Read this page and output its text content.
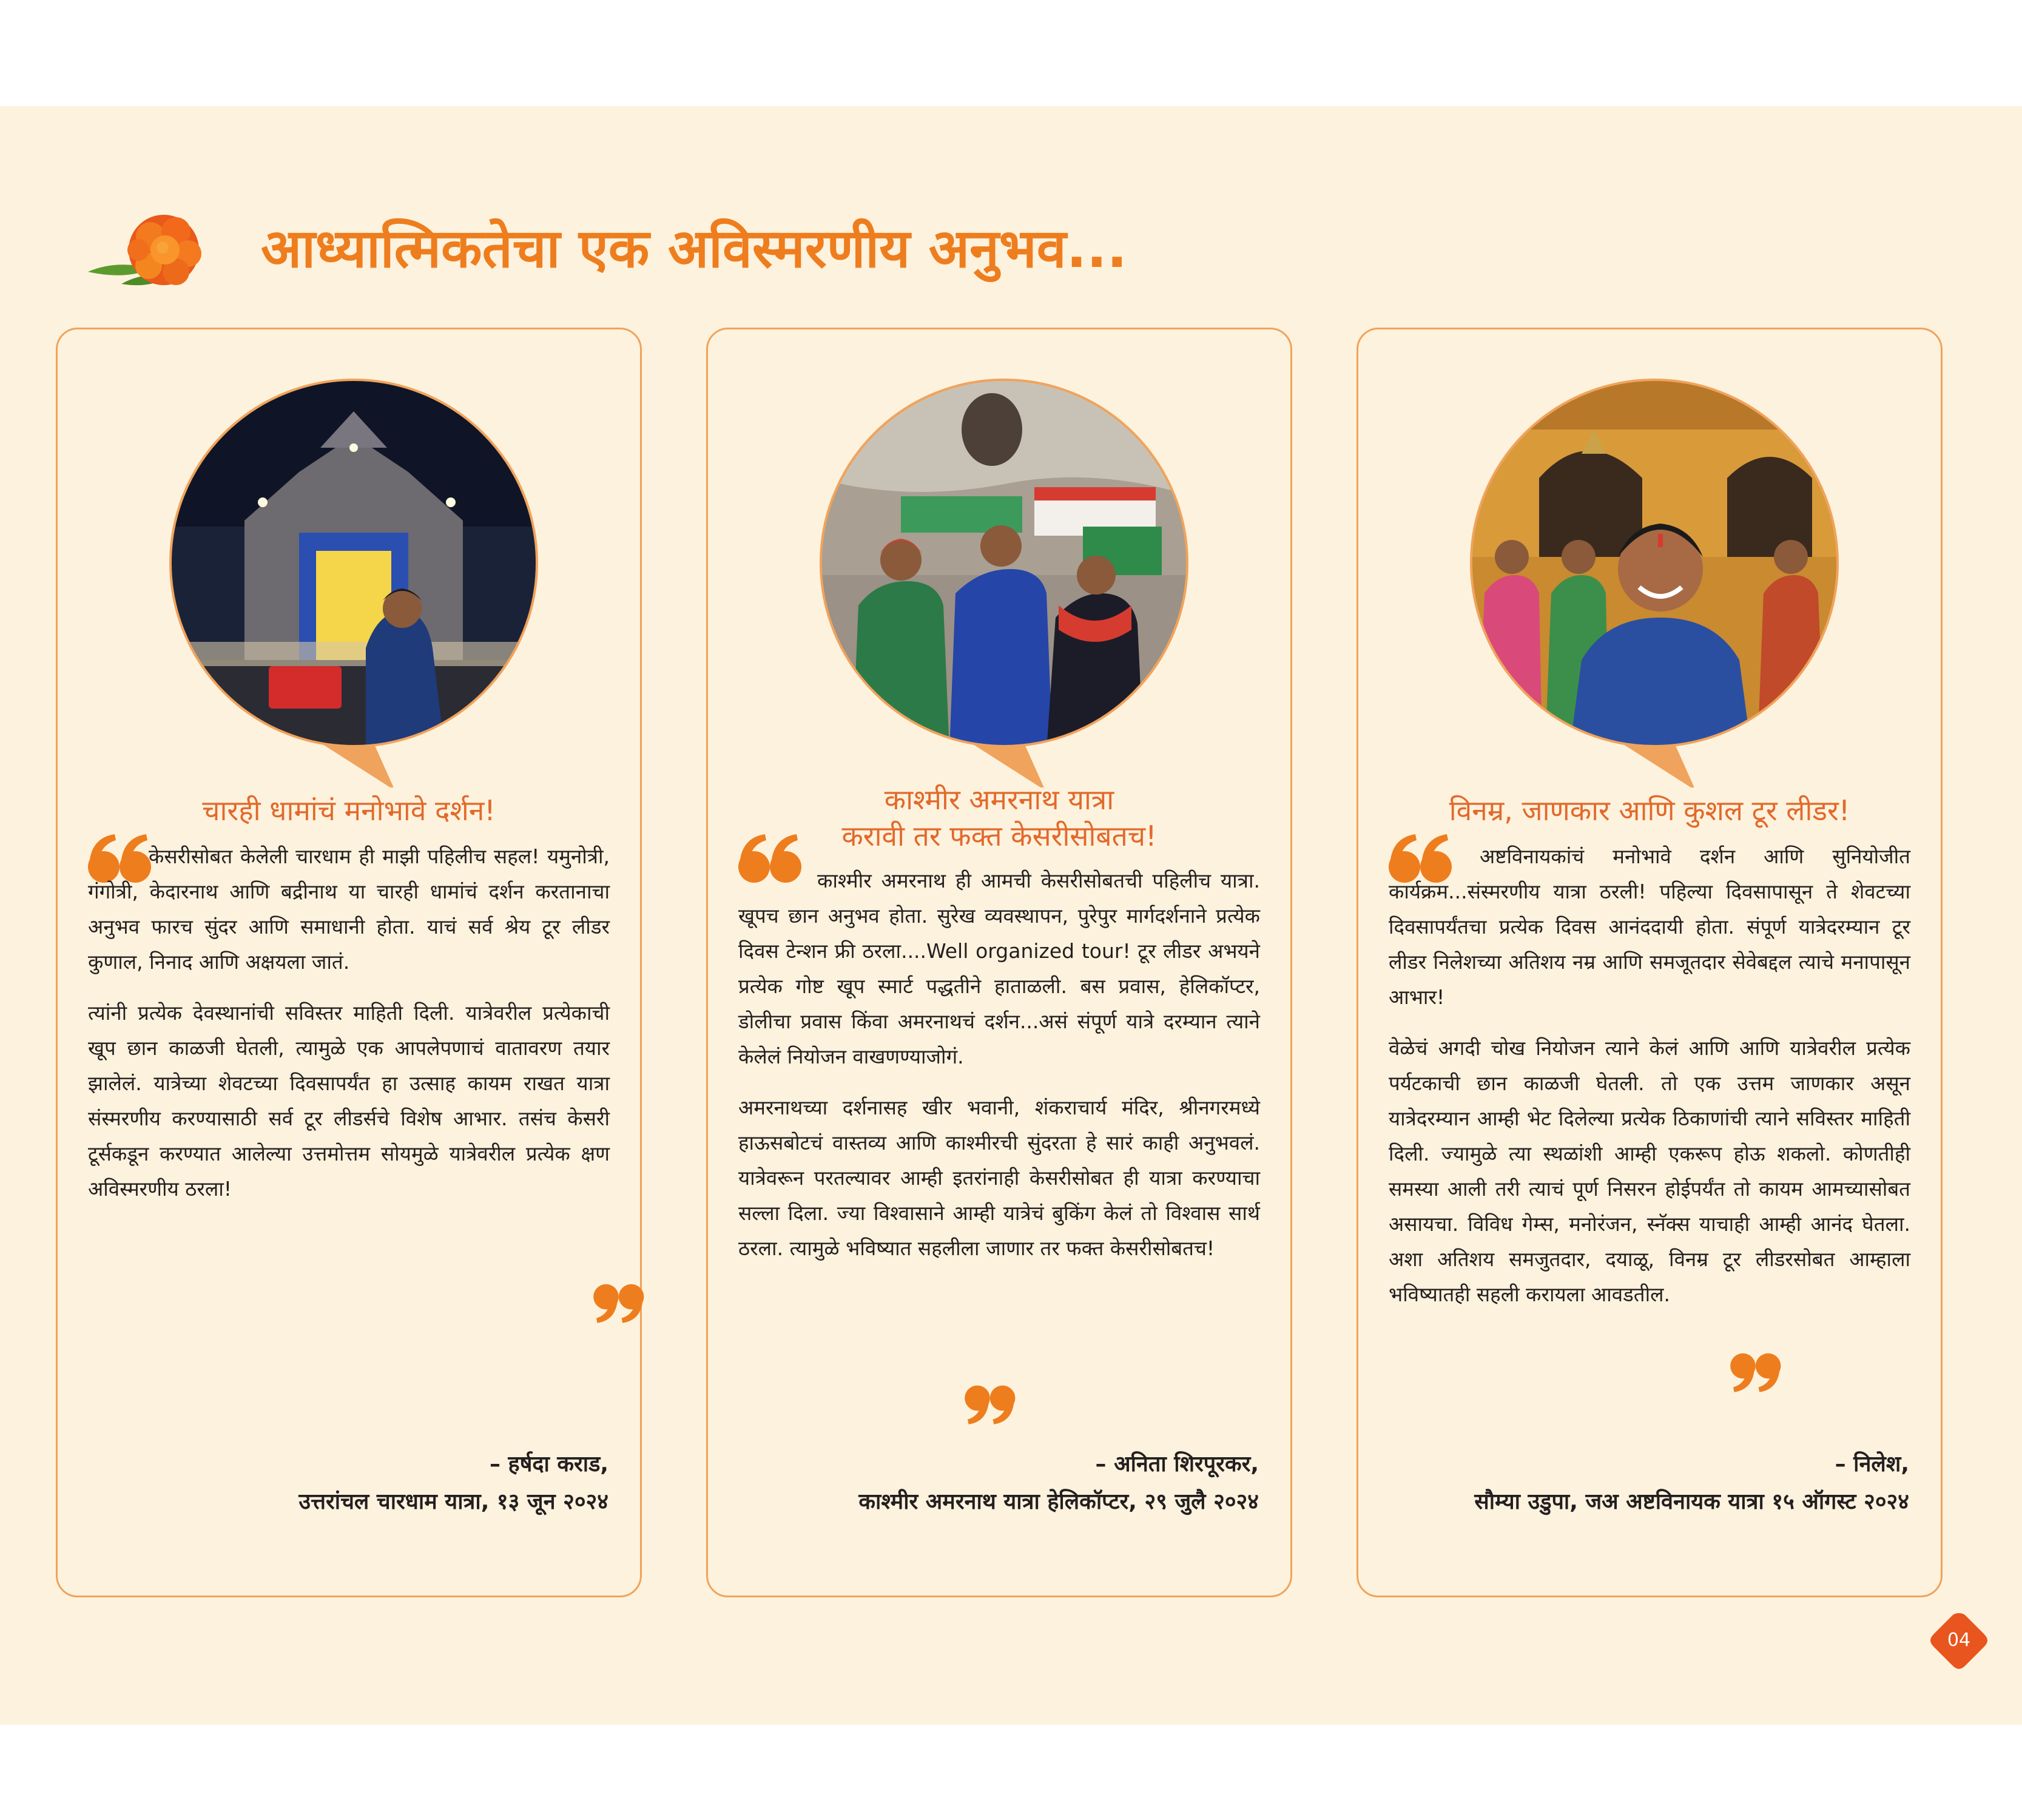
आध्यात्मिकतेचा एक अविस्मरणीय अनुभव...
चारही धामांचं मनोभावे दर्शन!

केसरीसोबत केलेली चारधाम ही माझी पहिलीच सहल! यमुनोत्री, गंगोत्री, केदारनाथ आणि बद्रीनाथ या चारही धामांचं दर्शन करतानाचा अनुभव फारच सुंदर आणि समाधानी होता. याचं सर्व श्रेय टूर लीडर कुणाल, निनाद आणि अक्षयला जातं.

त्यांनी प्रत्येक देवस्थानांची सविस्तर माहिती दिली. यात्रेवरील प्रत्येकाची खूप छान काळजी घेतली, त्यामुळे एक आपलेपणाचं वातावरण तयार झालेलं. यात्रेच्या शेवटच्या दिवसापर्यंत हा उत्साह कायम राखत यात्रा संस्मरणीय करण्यासाठी सर्व टूर लीडर्सचे विशेष आभार. तसंच केसरी टूर्सकडून करण्यात आलेल्या उत्तमोत्तम सोयमुळे यात्रेवरील प्रत्येक क्षण अविस्मरणीय ठरला!

– हर्षदा कराड,
उत्तरांचल चारधाम यात्रा, १३ जून २०२४
काश्मीर अमरनाथ यात्रा
करावी तर फक्त केसरीसोबतच!

काश्मीर अमरनाथ ही आमची केसरीसोबतची पहिलीच यात्रा. खूपच छान अनुभव होता. सुरेख व्यवस्थापन, पुरेपुर मार्गदर्शनाने प्रत्येक दिवस टेन्शन फ्री ठरला....Well organized tour! टूर लीडर अभयने प्रत्येक गोष्ट खूप स्मार्ट पद्धतीने हाताळली. बस प्रवास, हेलिकॉप्टर, डोलीचा प्रवास किंवा अमरनाथचं दर्शन...असं संपूर्ण यात्रे दरम्यान त्याने केलेलं नियोजन वाखणण्याजोगं.

अमरनाथच्या दर्शनासह खीर भवानी, शंकराचार्य मंदिर, श्रीनगरमध्ये हाऊसबोटचं वास्तव्य आणि काश्मीरची सुंदरता हे सारं काही अनुभवलं. यात्रेवरून परतल्यावर आम्ही इतरांनाही केसरीसोबत ही यात्रा करण्याचा सल्ला दिला. ज्या विश्वासाने आम्ही यात्रेचं बुकिंग केलं तो विश्वास सार्थ ठरला. त्यामुळे भविष्यात सहलीला जाणार तर फक्त केसरीसोबतच!

– अनिता शिरपूरकर,
काश्मीर अमरनाथ यात्रा हेलिकॉप्टर, २९ जुलै २०२४
विनम्र, जाणकार आणि कुशल टूर लीडर!

अष्टविनायकांचं मनोभावे दर्शन आणि सुनियोजीत कार्यक्रम...संस्मरणीय यात्रा ठरली! पहिल्या दिवसापासून ते शेवटच्या दिवसापर्यंतचा प्रत्येक दिवस आनंददायी होता. संपूर्ण यात्रेदरम्यान टूर लीडर निलेशच्या अतिशय नम्र आणि समजूतदार सेवेबद्दल त्याचे मनापासून आभार!

वेळेचं अगदी चोख नियोजन त्याने केलं आणि आणि यात्रेवरील प्रत्येक पर्यटकाची छान काळजी घेतली. तो एक उत्तम जाणकार असून यात्रेदरम्यान आम्ही भेट दिलेल्या प्रत्येक ठिकाणांची त्याने सविस्तर माहिती दिली. ज्यामुळे त्या स्थळांशी आम्ही एकरूप होऊ शकलो. कोणतीही समस्या आली तरी त्याचं पूर्ण निसरन होईपर्यंत तो कायम आमच्यासोबत असायचा. विविध गेम्स, मनोरंजन, स्नॅक्स याचाही आम्ही आनंद घेतला. अशा अतिशय समजुतदार, दयाळू, विनम्र टूर लीडरसोबत आम्हाला भविष्यातही सहली करायला आवडतील.

– निलेश,
सौम्या उडुपा, जअ अष्टविनायक यात्रा १५ ऑगस्ट २०२४
04
